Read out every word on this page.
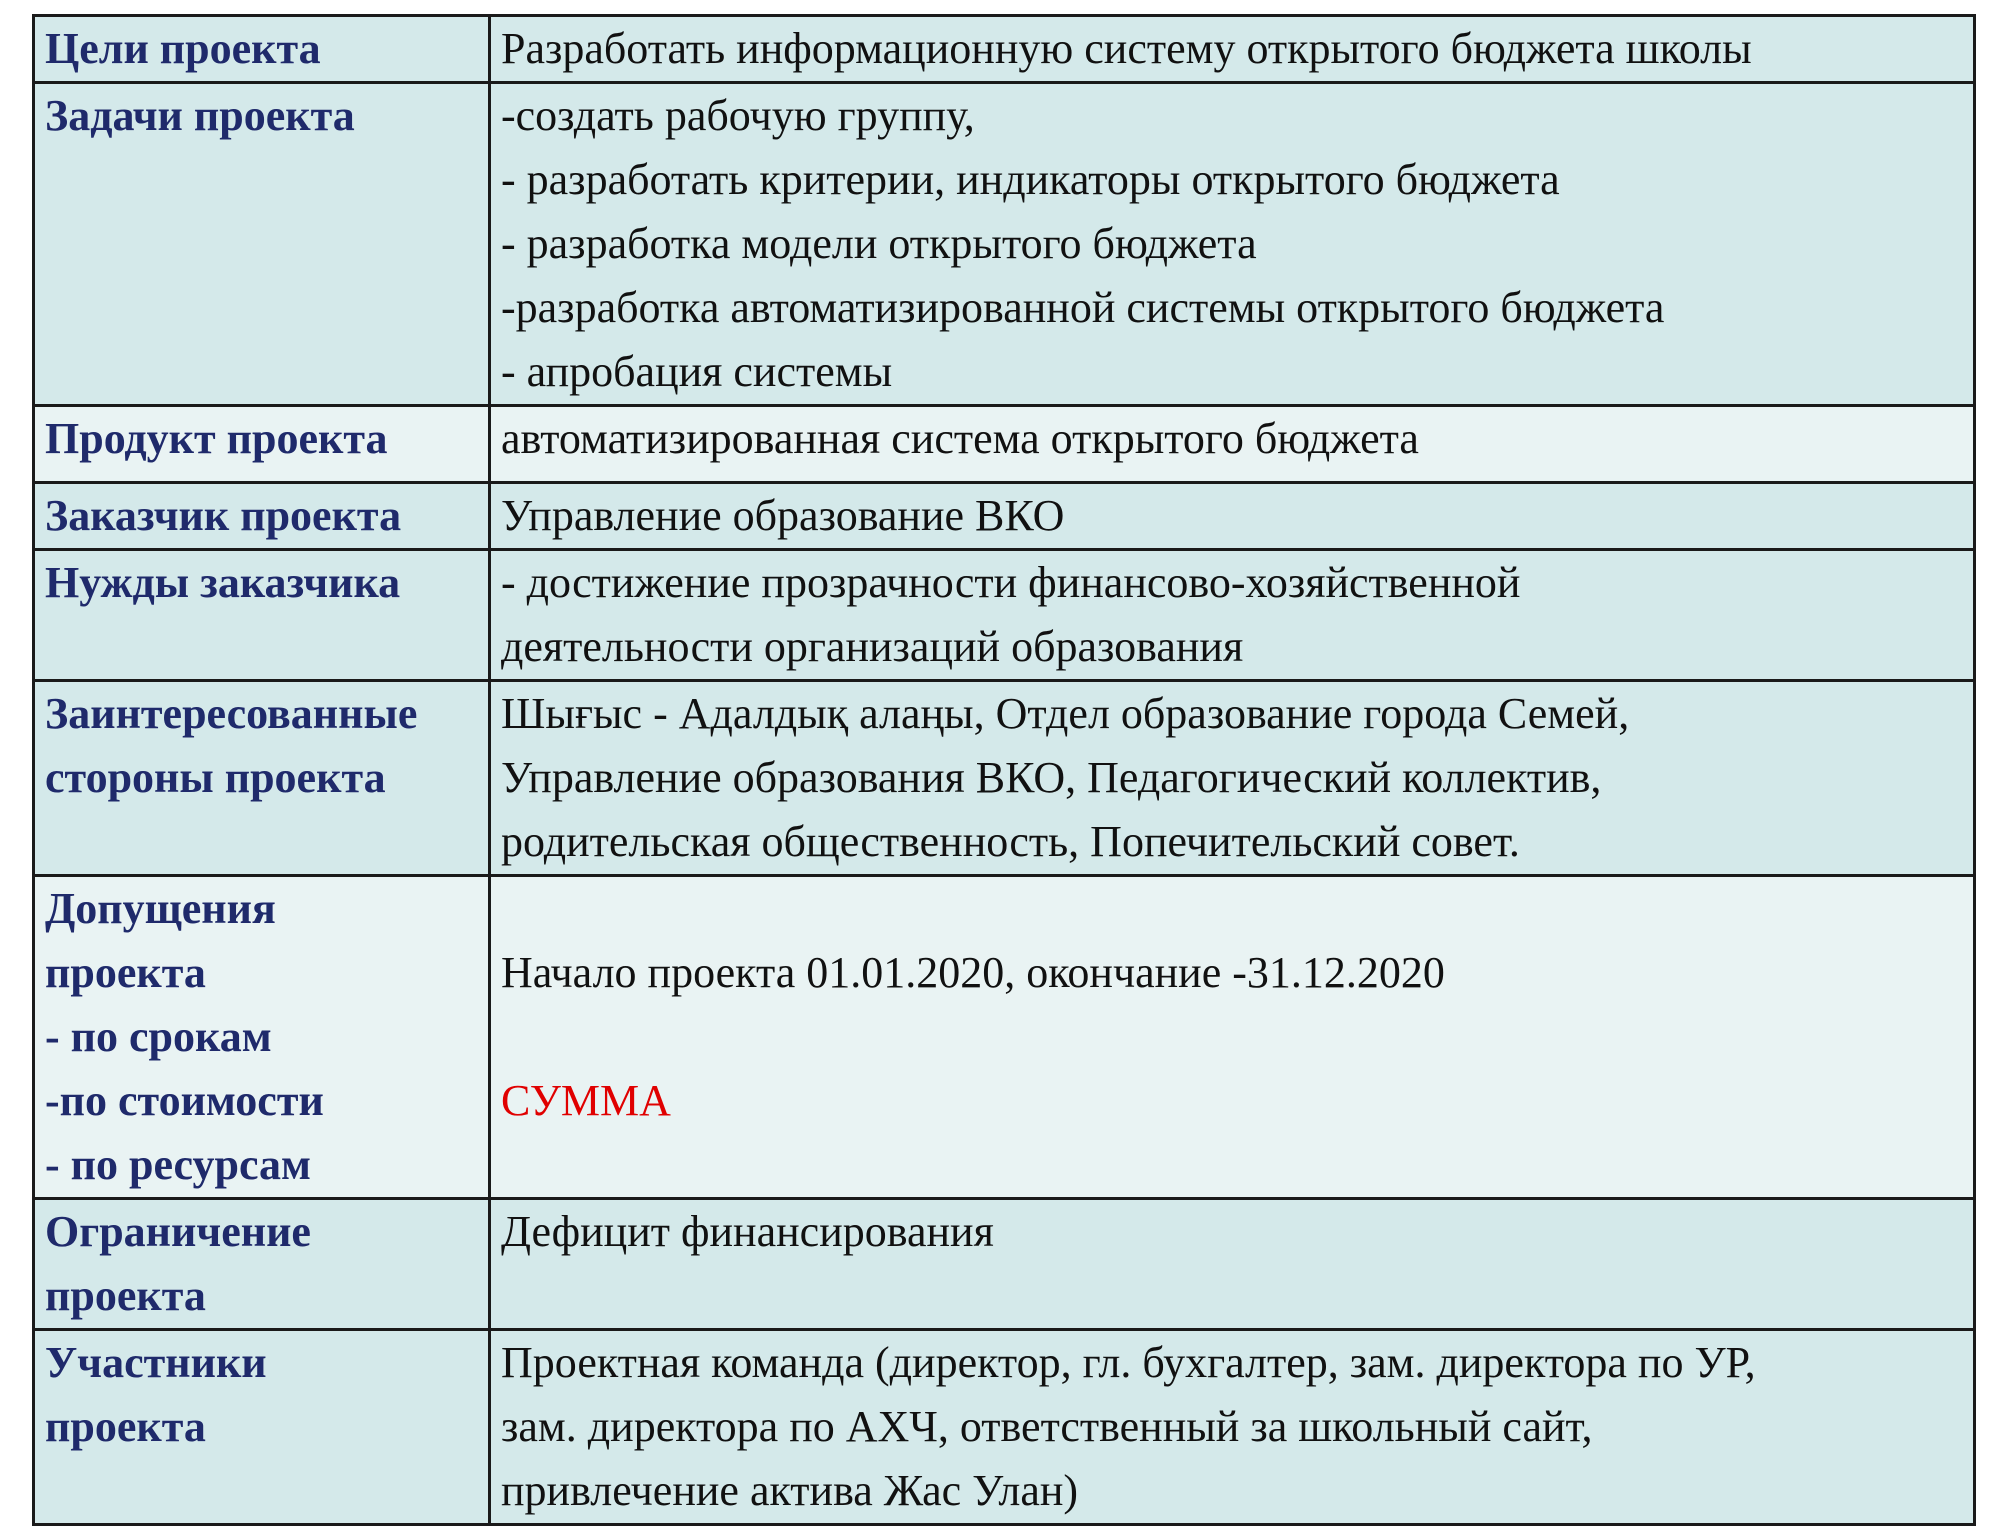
Цели проекта	Разработать информационную систему открытого бюджета школы

Задачи проекта	-создать рабочую группу,
- разработать критерии, индикаторы открытого бюджета
- разработка модели открытого бюджета
-разработка автоматизированной системы открытого бюджета
- апробация системы

Продукт проекта	автоматизированная система открытого бюджета

Заказчик проекта	Управление образование ВКО

Нужды заказчика	- достижение прозрачности финансово-хозяйственной
деятельности организаций образования

Заинтересованные
стороны проекта	Шығыс - Адалдық алаңы, Отдел образование города Семей,
Управление образования ВКО, Педагогический коллектив,
родительская общественность, Попечительский совет.

Допущения
проекта
- по срокам
-по стоимости
- по ресурсам	Начало проекта 01.01.2020, окончание -31.12.2020
СУММА

Ограничение
проекта	Дефицит финансирования

Участники
проекта	Проектная команда (директор, гл. бухгалтер, зам. директора по УР,
зам. директора по АХЧ, ответственный за школьный сайт,
привлечение актива Жас Улан)
